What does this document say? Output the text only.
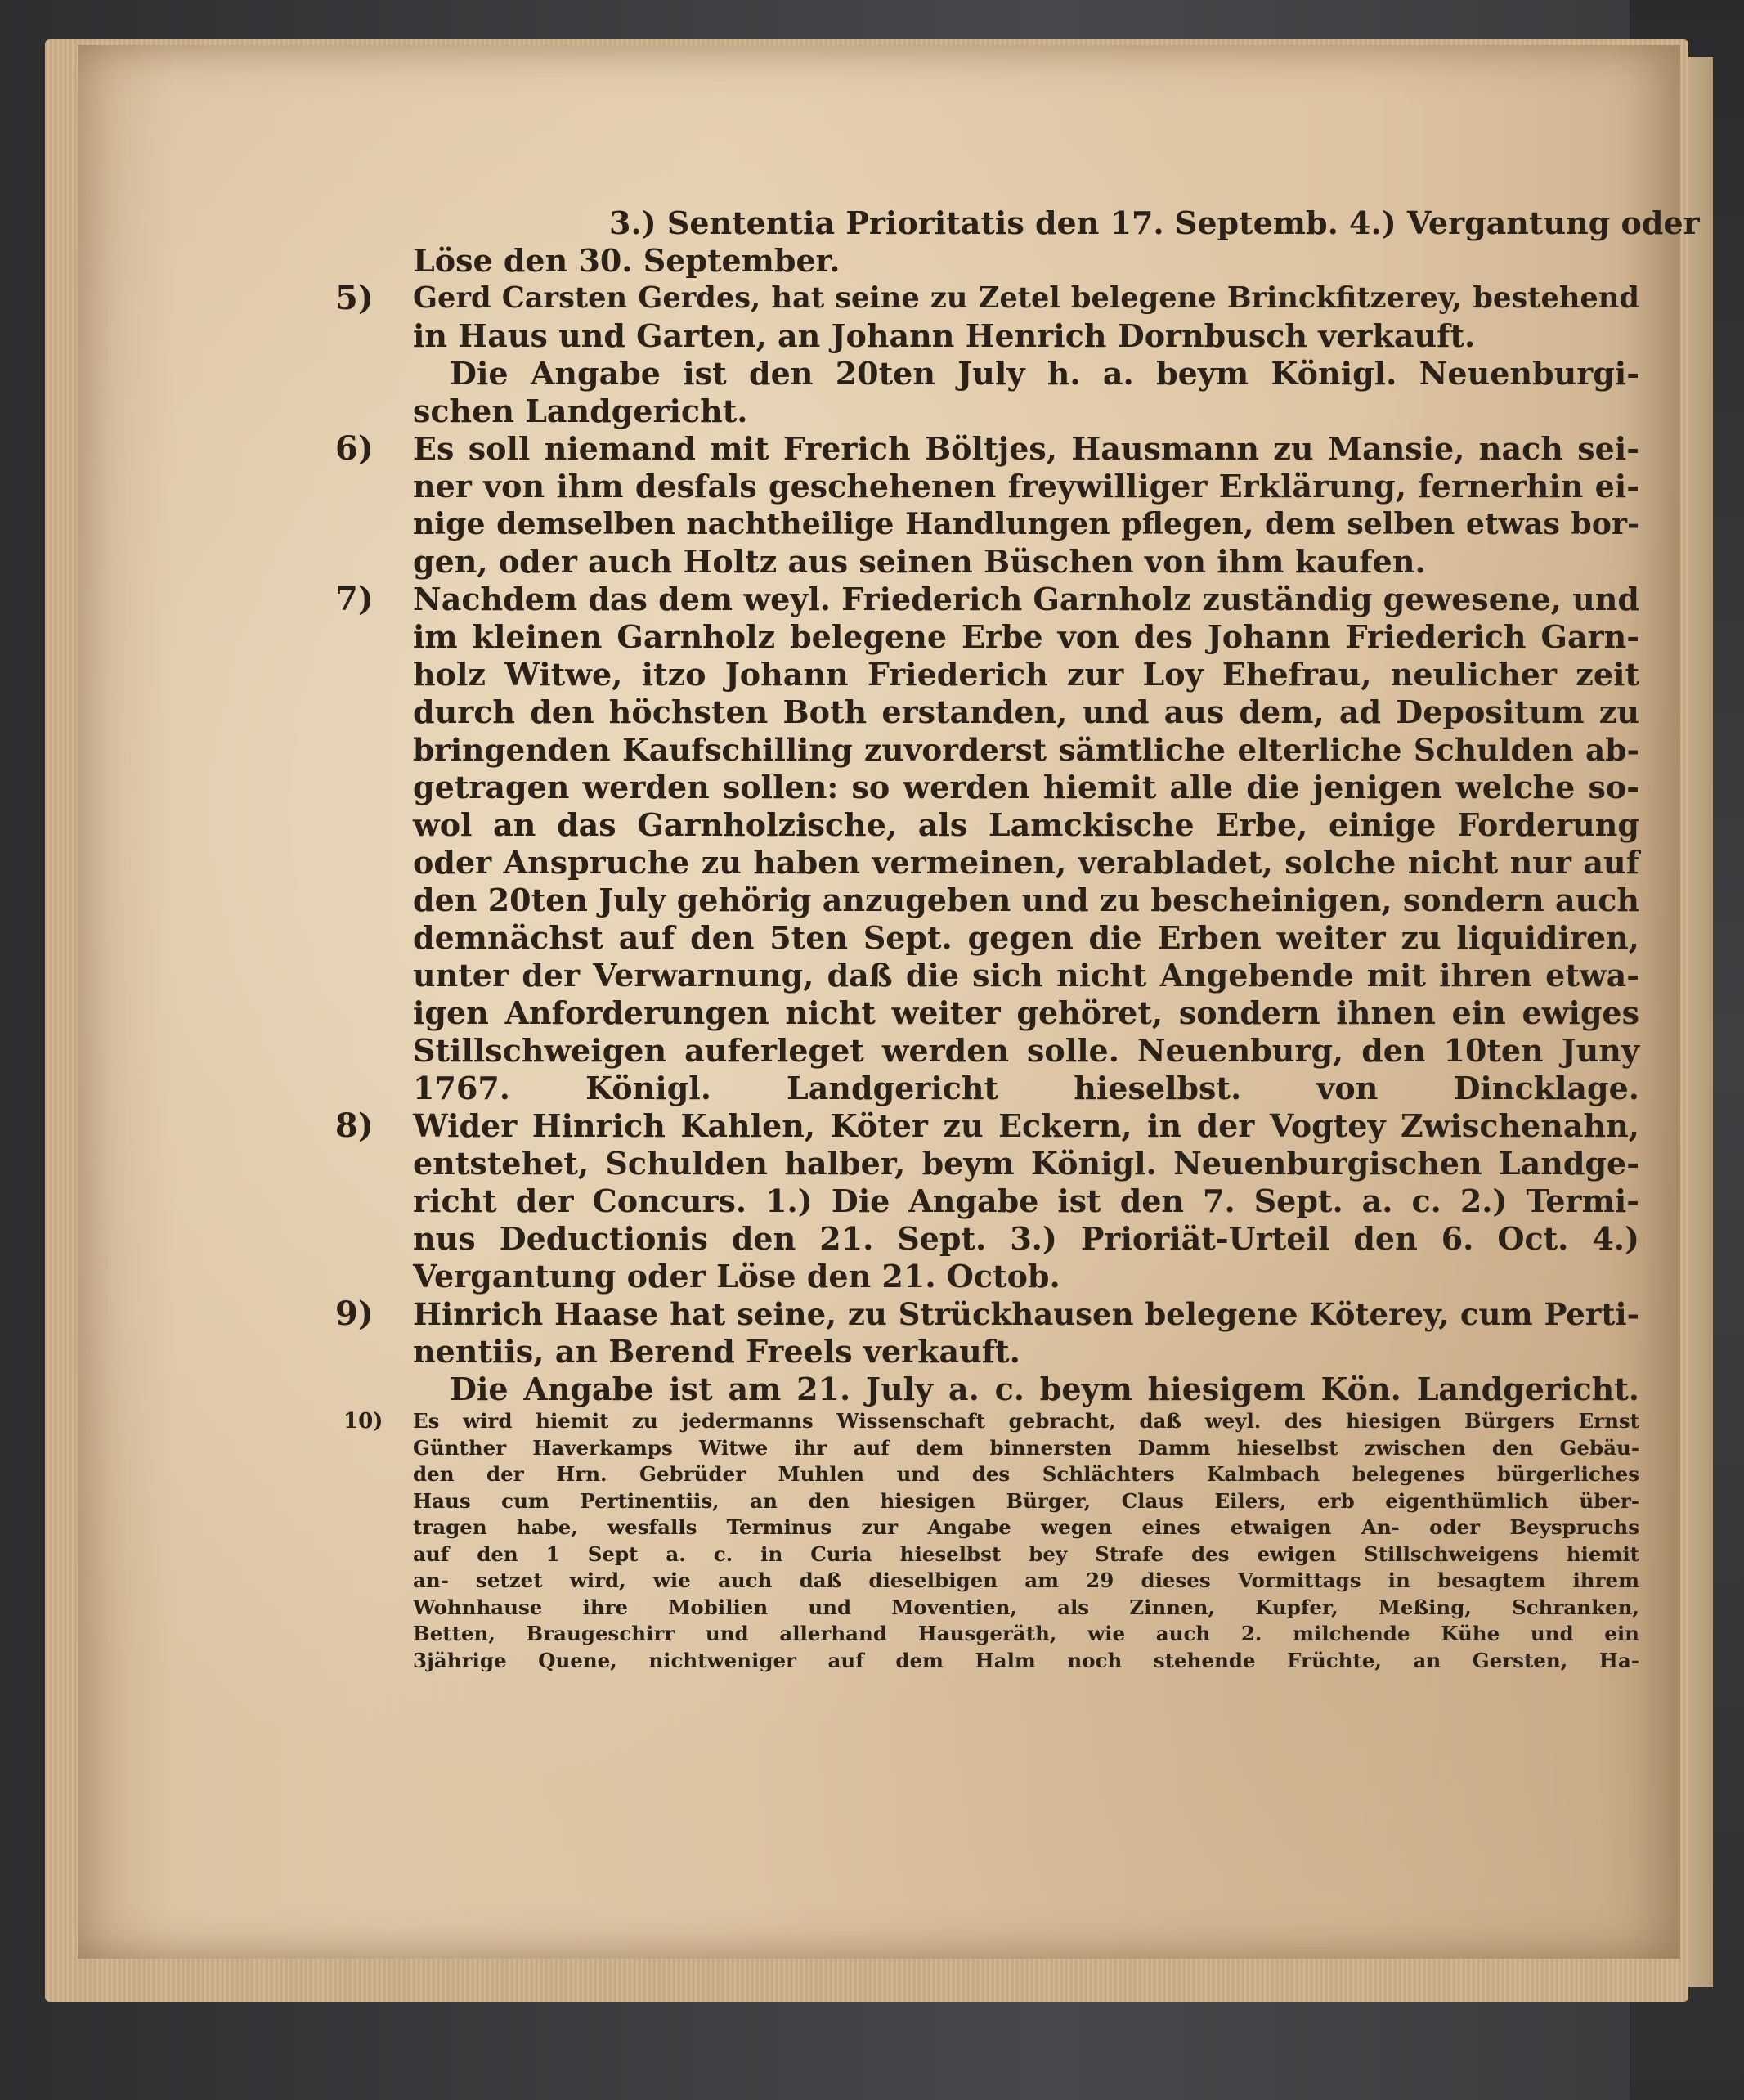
3.) Sententia Prioritatis den 17. Septemb. 4.) Vergantung oder
Löse den 30. September.
5)	Gerd Carsten Gerdes, hat seine zu Zetel belegene Brinckfitzerey, bestehend
in Haus und Garten, an Johann Henrich Dornbusch verkauft.
Die Angabe ist den 20ten July h. a. beym Königl. Neuenburgi-
schen Landgericht.
6)	Es soll niemand mit Frerich Böltjes, Hausmann zu Mansie, nach sei-
ner von ihm desfals geschehenen freywilliger Erklärung, fernerhin ei-
nige demselben nachtheilige Handlungen pflegen, dem selben etwas bor-
gen, oder auch Holtz aus seinen Büschen von ihm kaufen.
7)	Nachdem das dem weyl. Friederich Garnholz zuständig gewesene, und
im kleinen Garnholz belegene Erbe von des Johann Friederich Garn-
holz Witwe, itzo Johann Friederich zur Loy Ehefrau, neulicher zeit
durch den höchsten Both erstanden, und aus dem, ad Depositum zu
bringenden Kaufschilling zuvorderst sämtliche elterliche Schulden ab-
getragen werden sollen: so werden hiemit alle die jenigen welche so-
wol an das Garnholzische, als Lamckische Erbe, einige Forderung
oder Anspruche zu haben vermeinen, verabladet, solche nicht nur auf
den 20ten July gehörig anzugeben und zu bescheinigen, sondern auch
demnächst auf den 5ten Sept. gegen die Erben weiter zu liquidiren,
unter der Verwarnung, daß die sich nicht Angebende mit ihren etwa-
igen Anforderungen nicht weiter gehöret, sondern ihnen ein ewiges
Stillschweigen auferleget werden solle. Neuenburg, den 10ten Juny
1767. Königl. Landgericht hieselbst. von Dincklage.
8)	Wider Hinrich Kahlen, Köter zu Eckern, in der Vogtey Zwischenahn,
entstehet, Schulden halber, beym Königl. Neuenburgischen Landge-
richt der Concurs. 1.) Die Angabe ist den 7. Sept. a. c. 2.) Termi-
nus Deductionis den 21. Sept. 3.) Prioriät-Urteil den 6. Oct. 4.)
Vergantung oder Löse den 21. Octob.
9)	Hinrich Haase hat seine, zu Strückhausen belegene Köterey, cum Perti-
nentiis, an Berend Freels verkauft.
Die Angabe ist am 21. July a. c. beym hiesigem Kön. Landgericht.
10)	Es wird hiemit zu jedermanns Wissenschaft gebracht, daß weyl. des hiesigen Bürgers Ernst
Günther Haverkamps Witwe ihr auf dem binnersten Damm hieselbst zwischen den Gebäu-
den der Hrn. Gebrüder Muhlen und des Schlächters Kalmbach belegenes bürgerliches
Haus cum Pertinentiis, an den hiesigen Bürger, Claus Eilers, erb eigenthümlich über-
tragen habe, wesfalls Terminus zur Angabe wegen eines etwaigen An- oder Beyspruchs
auf den 1 Sept a. c. in Curia hieselbst bey Strafe des ewigen Stillschweigens hiemit
an- setzet wird, wie auch daß dieselbigen am 29 dieses Vormittags in besagtem ihrem
Wohnhause ihre Mobilien und Moventien, als Zinnen, Kupfer, Meßing, Schranken,
Betten, Braugeschirr und allerhand Hausgeräth, wie auch 2. milchende Kühe und ein
3jährige Quene, nichtweniger auf dem Halm noch stehende Früchte, an Gersten, Ha-
